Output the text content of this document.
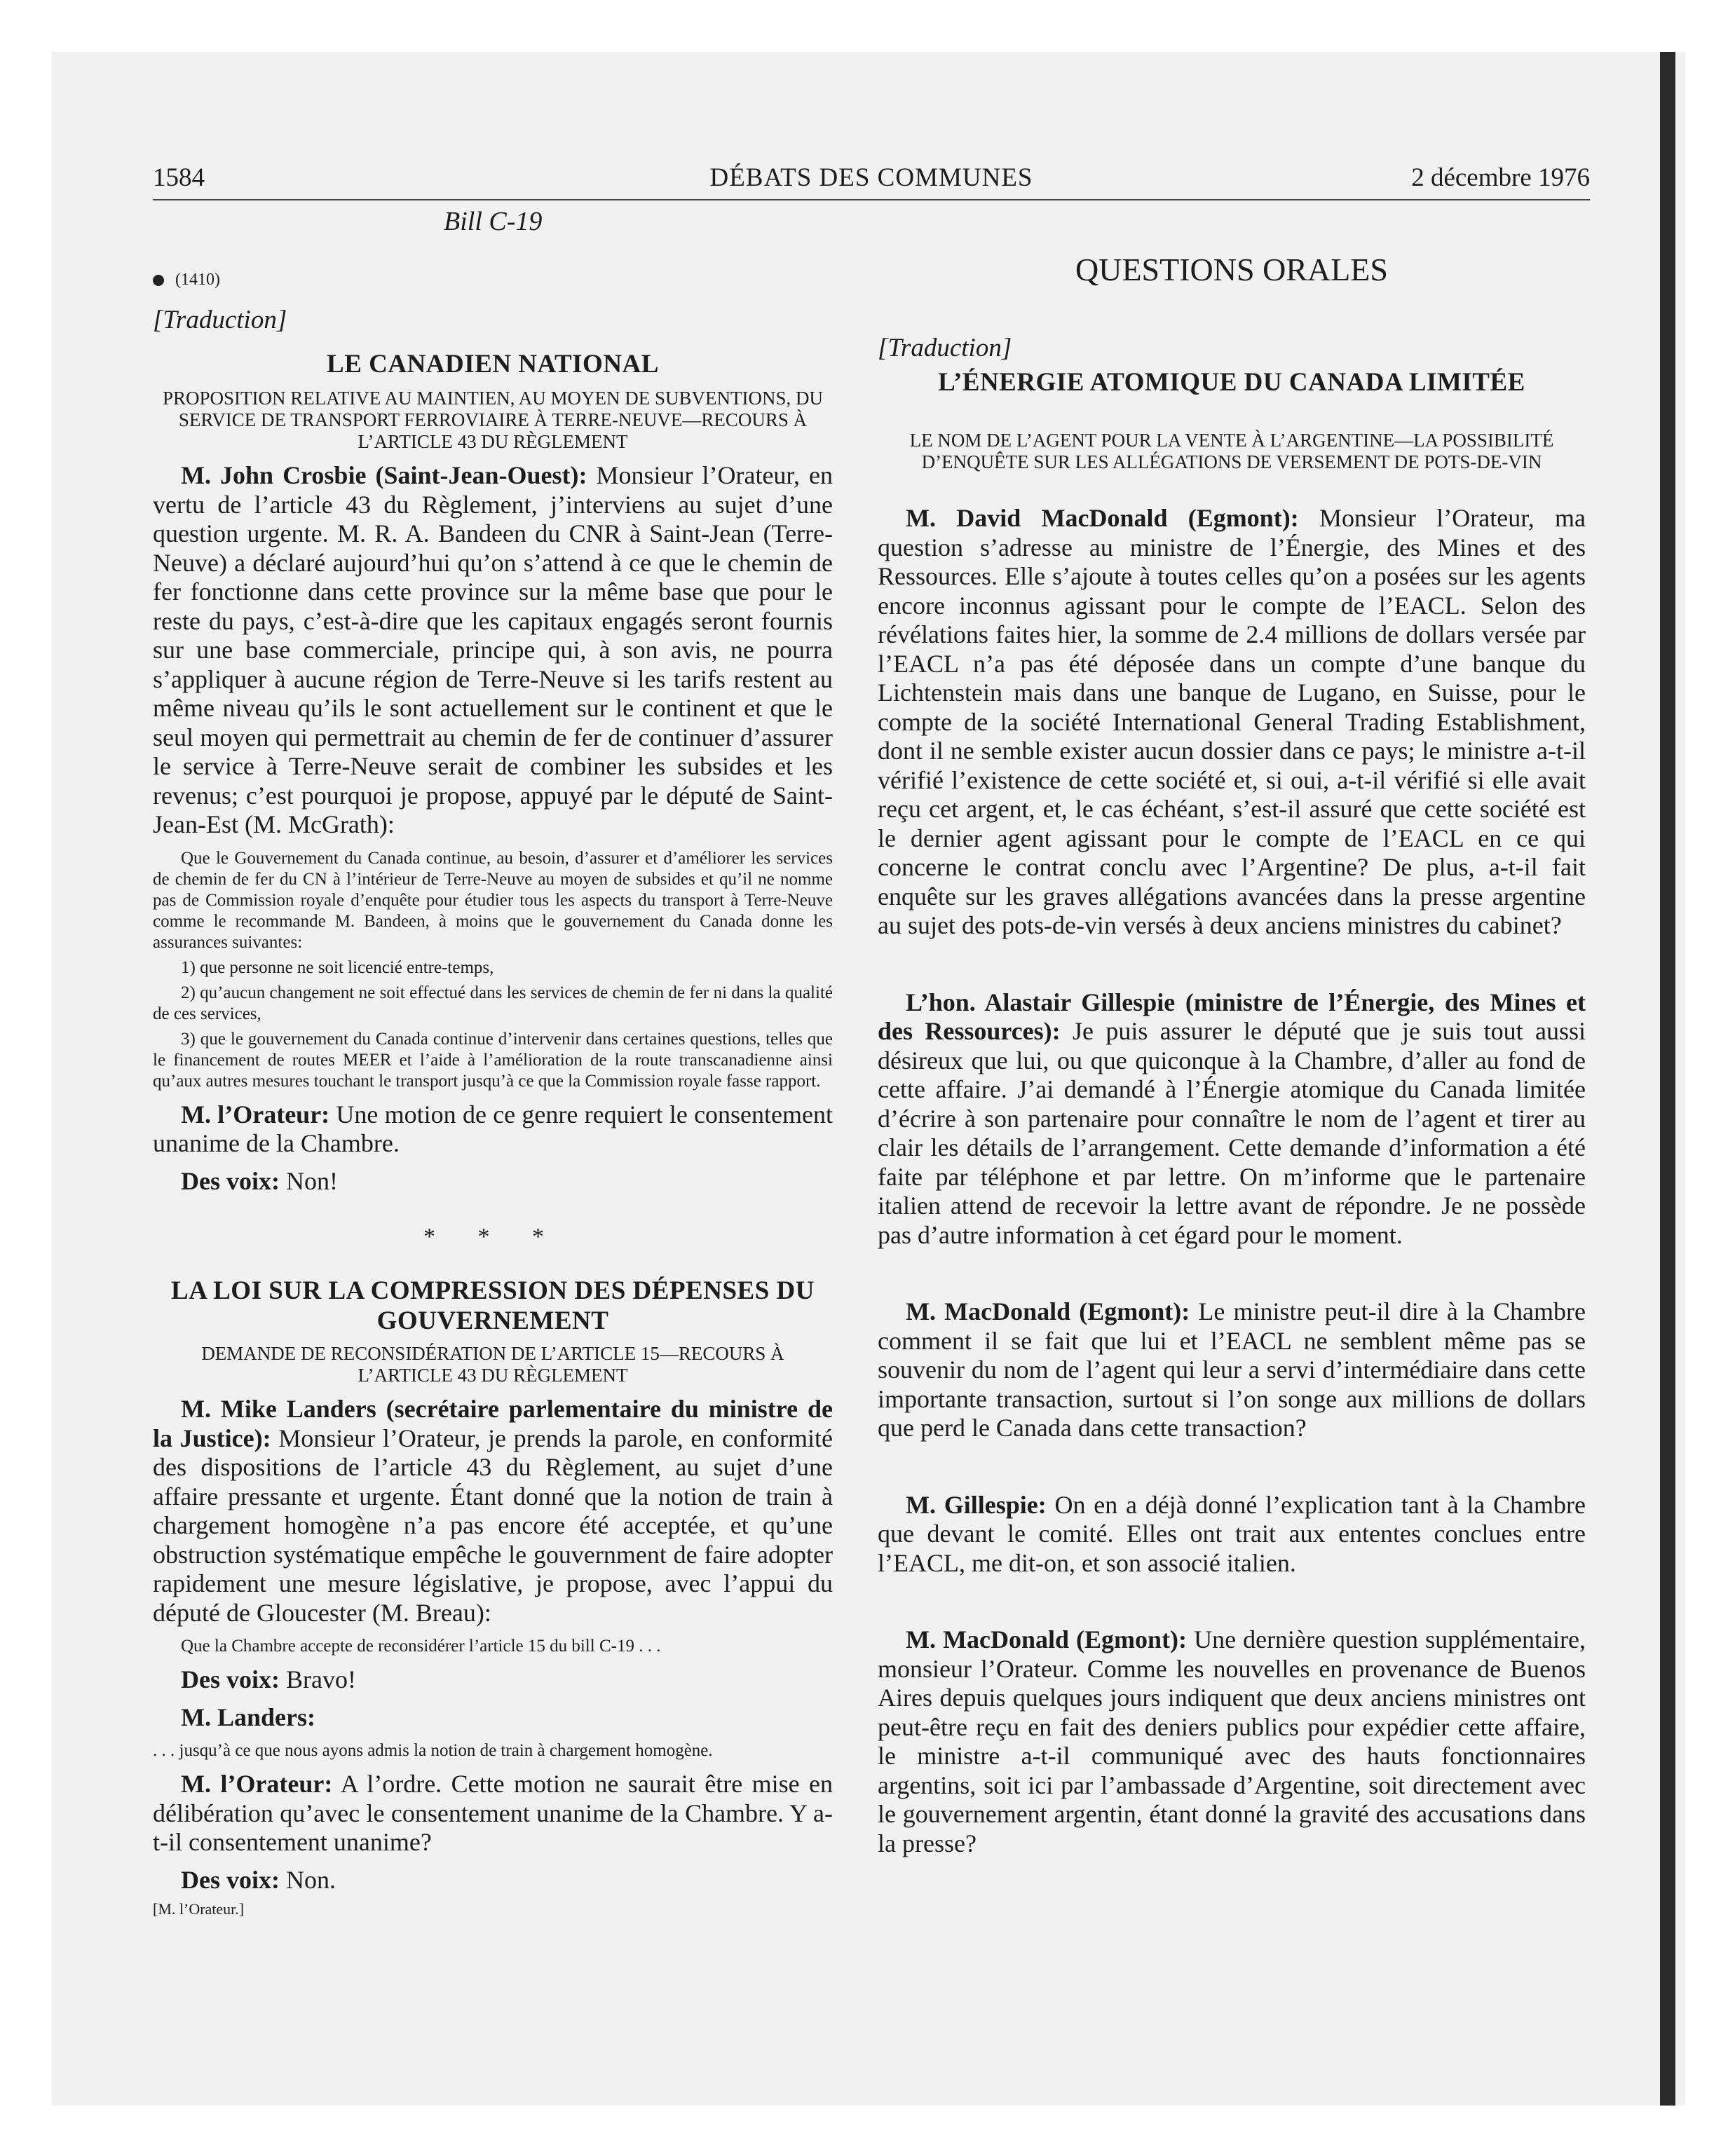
1584	DÉBATS DES COMMUNES	2 décembre 1976

Bill C-19

(1410)

[Traduction]

LE CANADIEN NATIONAL

PROPOSITION RELATIVE AU MAINTIEN, AU MOYEN DE SUBVENTIONS, DU SERVICE DE TRANSPORT FERROVIAIRE À TERRE-NEUVE—RECOURS À L’ARTICLE 43 DU RÈGLEMENT

M. John Crosbie (Saint-Jean-Ouest): Monsieur l’Orateur, en vertu de l’article 43 du Règlement, j’interviens au sujet d’une question urgente. M. R. A. Bandeen du CNR à Saint-Jean (Terre-Neuve) a déclaré aujourd’hui qu’on s’attend à ce que le chemin de fer fonctionne dans cette province sur la même base que pour le reste du pays, c’est-à-dire que les capitaux engagés seront fournis sur une base commerciale, principe qui, à son avis, ne pourra s’appliquer à aucune région de Terre-Neuve si les tarifs restent au même niveau qu’ils le sont actuellement sur le continent et que le seul moyen qui permettrait au chemin de fer de continuer d’assurer le service à Terre-Neuve serait de combiner les subsides et les revenus; c’est pourquoi je propose, appuyé par le député de Saint-Jean-Est (M. McGrath):

Que le Gouvernement du Canada continue, au besoin, d’assurer et d’améliorer les services de chemin de fer du CN à l’intérieur de Terre-Neuve au moyen de subsides et qu’il ne nomme pas de Commission royale d’enquête pour étudier tous les aspects du transport à Terre-Neuve comme le recommande M. Bandeen, à moins que le gouvernement du Canada donne les assurances suivantes:

1) que personne ne soit licencié entre-temps,

2) qu’aucun changement ne soit effectué dans les services de chemin de fer ni dans la qualité de ces services,

3) que le gouvernement du Canada continue d’intervenir dans certaines questions, telles que le financement de routes MEER et l’aide à l’amélioration de la route transcanadienne ainsi qu’aux autres mesures touchant le transport jusqu’à ce que la Commission royale fasse rapport.

M. l’Orateur: Une motion de ce genre requiert le consentement unanime de la Chambre.

Des voix: Non!

* * *

LA LOI SUR LA COMPRESSION DES DÉPENSES DU GOUVERNEMENT

DEMANDE DE RECONSIDÉRATION DE L’ARTICLE 15—RECOURS À L’ARTICLE 43 DU RÈGLEMENT

M. Mike Landers (secrétaire parlementaire du ministre de la Justice): Monsieur l’Orateur, je prends la parole, en conformité des dispositions de l’article 43 du Règlement, au sujet d’une affaire pressante et urgente. Étant donné que la notion de train à chargement homogène n’a pas encore été acceptée, et qu’une obstruction systématique empêche le gouvernment de faire adopter rapidement une mesure législative, je propose, avec l’appui du député de Gloucester (M. Breau):

Que la Chambre accepte de reconsidérer l’article 15 du bill C-19 . . .

Des voix: Bravo!

M. Landers:

. . . jusqu’à ce que nous ayons admis la notion de train à chargement homogène.

M. l’Orateur: A l’ordre. Cette motion ne saurait être mise en délibération qu’avec le consentement unanime de la Chambre. Y a-t-il consentement unanime?

Des voix: Non.

[M. l’Orateur.]

QUESTIONS ORALES

[Traduction]

L’ÉNERGIE ATOMIQUE DU CANADA LIMITÉE

LE NOM DE L’AGENT POUR LA VENTE À L’ARGENTINE—LA POSSIBILITÉ D’ENQUÊTE SUR LES ALLÉGATIONS DE VERSEMENT DE POTS-DE-VIN

M. David MacDonald (Egmont): Monsieur l’Orateur, ma question s’adresse au ministre de l’Énergie, des Mines et des Ressources. Elle s’ajoute à toutes celles qu’on a posées sur les agents encore inconnus agissant pour le compte de l’EACL. Selon des révélations faites hier, la somme de 2.4 millions de dollars versée par l’EACL n’a pas été déposée dans un compte d’une banque du Lichtenstein mais dans une banque de Lugano, en Suisse, pour le compte de la société International General Trading Establishment, dont il ne semble exister aucun dossier dans ce pays; le ministre a-t-il vérifié l’existence de cette société et, si oui, a-t-il vérifié si elle avait reçu cet argent, et, le cas échéant, s’est-il assuré que cette société est le dernier agent agissant pour le compte de l’EACL en ce qui concerne le contrat conclu avec l’Argentine? De plus, a-t-il fait enquête sur les graves allégations avancées dans la presse argentine au sujet des pots-de-vin versés à deux anciens ministres du cabinet?

L’hon. Alastair Gillespie (ministre de l’Énergie, des Mines et des Ressources): Je puis assurer le député que je suis tout aussi désireux que lui, ou que quiconque à la Chambre, d’aller au fond de cette affaire. J’ai demandé à l’Énergie atomique du Canada limitée d’écrire à son partenaire pour connaître le nom de l’agent et tirer au clair les détails de l’arrangement. Cette demande d’information a été faite par téléphone et par lettre. On m’informe que le partenaire italien attend de recevoir la lettre avant de répondre. Je ne possède pas d’autre information à cet égard pour le moment.

M. MacDonald (Egmont): Le ministre peut-il dire à la Chambre comment il se fait que lui et l’EACL ne semblent même pas se souvenir du nom de l’agent qui leur a servi d’intermédiaire dans cette importante transaction, surtout si l’on songe aux millions de dollars que perd le Canada dans cette transaction?

M. Gillespie: On en a déjà donné l’explication tant à la Chambre que devant le comité. Elles ont trait aux ententes conclues entre l’EACL, me dit-on, et son associé italien.

M. MacDonald (Egmont): Une dernière question supplémentaire, monsieur l’Orateur. Comme les nouvelles en provenance de Buenos Aires depuis quelques jours indiquent que deux anciens ministres ont peut-être reçu en fait des deniers publics pour expédier cette affaire, le ministre a-t-il communiqué avec des hauts fonctionnaires argentins, soit ici par l’ambassade d’Argentine, soit directement avec le gouvernement argentin, étant donné la gravité des accusations dans la presse?
